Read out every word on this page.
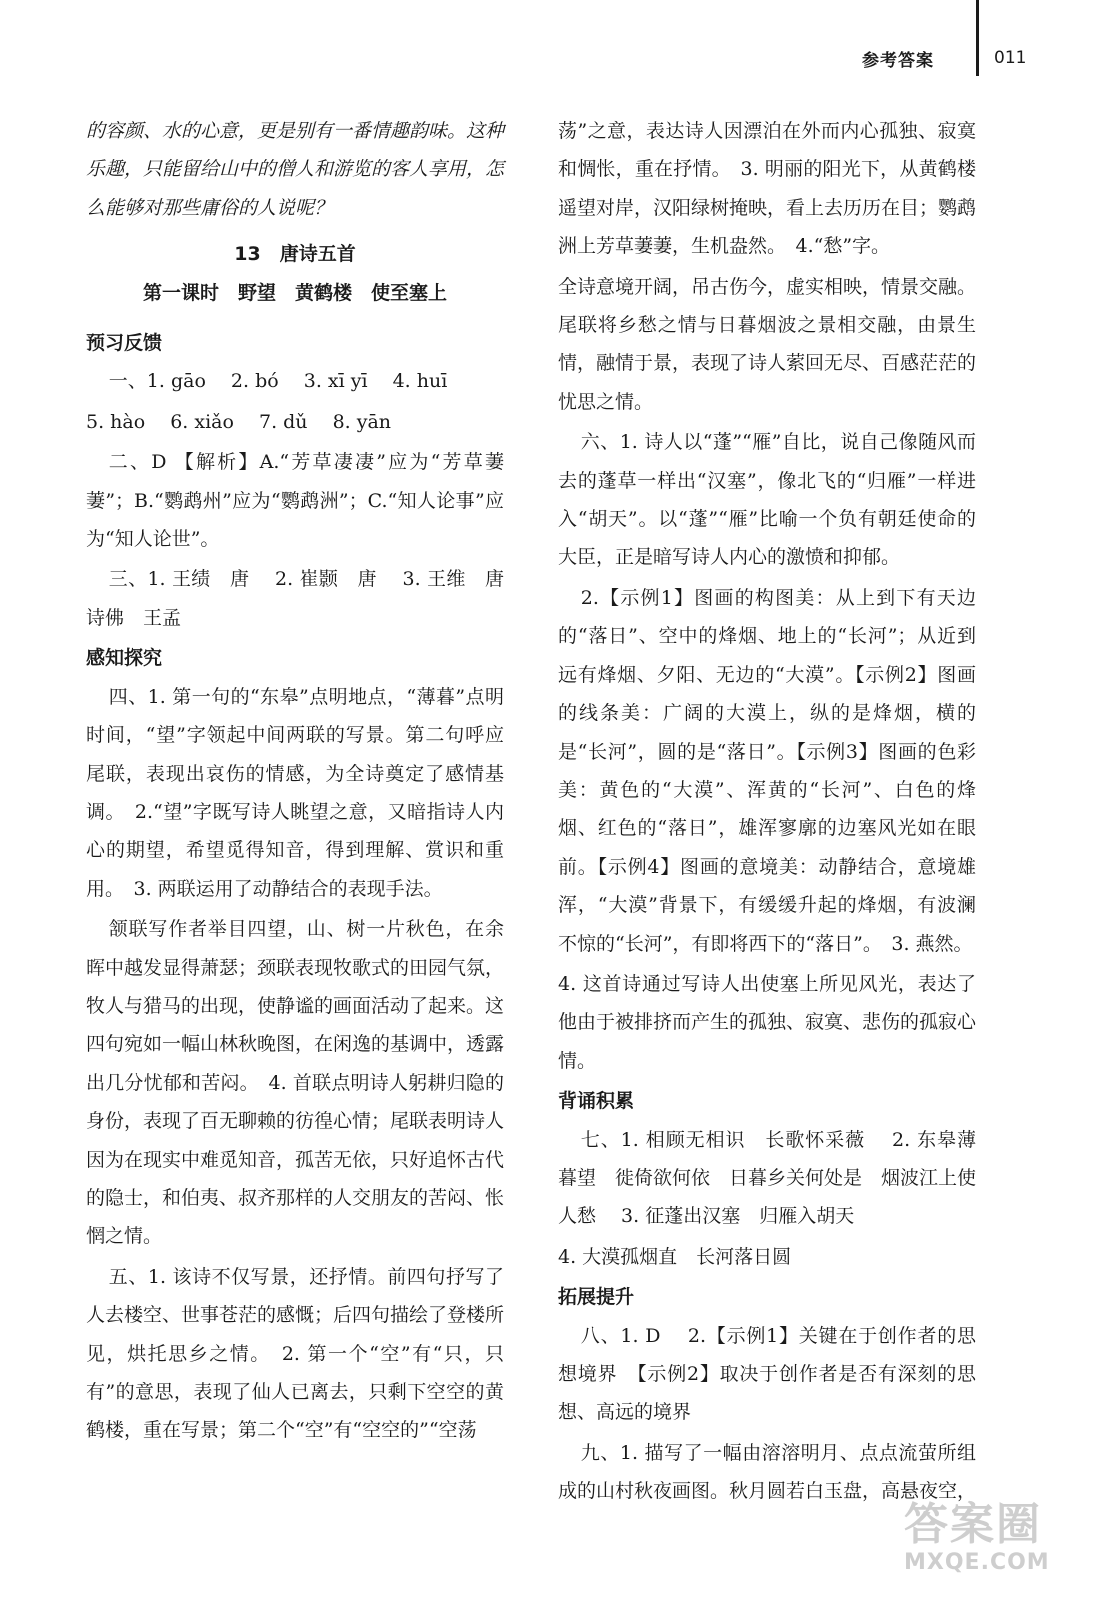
参考答案	011

的容颜、水的心意，更是别有一番情趣韵味。这种乐趣，只能留给山中的僧人和游览的客人享用，怎么能够对那些庸俗的人说呢？

13　唐诗五首

第一课时　野望　黄鹤楼　使至塞上

预习反馈

一、1. gāo　 2. bó　 3. xī yī　 4. huī

5. hào　 6. xiǎo　 7. dǔ　 8. yān

二、D 【解析】A.“芳草凄凄”应为“芳草萋萋”；B.“鹦鹉州”应为“鹦鹉洲”；C.“知人论事”应为“知人论世”。

三、1. 王绩　唐　 2. 崔颢　唐　 3. 王维　唐　诗佛　王孟

感知探究

四、1. 第一句的“东皋”点明地点，“薄暮”点明时间，“望”字领起中间两联的写景。第二句呼应尾联，表现出哀伤的情感，为全诗奠定了感情基调。　2.“望”字既写诗人眺望之意，又暗指诗人内心的期望，希望觅得知音，得到理解、赏识和重用。　3. 两联运用了动静结合的表现手法。

颔联写作者举目四望，山、树一片秋色，在余晖中越发显得萧瑟；颈联表现牧歌式的田园气氛，牧人与猎马的出现，使静谧的画面活动了起来。这四句宛如一幅山林秋晚图，在闲逸的基调中，透露出几分忧郁和苦闷。　4. 首联点明诗人躬耕归隐的身份，表现了百无聊赖的彷徨心情；尾联表明诗人因为在现实中难觅知音，孤苦无依，只好追怀古代的隐士，和伯夷、叔齐那样的人交朋友的苦闷、怅惘之情。

五、1. 该诗不仅写景，还抒情。前四句抒写了人去楼空、世事苍茫的感慨；后四句描绘了登楼所见，烘托思乡之情。　2. 第一个“空”有“只，只有”的意思，表现了仙人已离去，只剩下空空的黄鹤楼，重在写景；第二个“空”有“空空的”“空荡

荡”之意，表达诗人因漂泊在外而内心孤独、寂寞和惆怅，重在抒情。　3. 明丽的阳光下，从黄鹤楼遥望对岸，汉阳绿树掩映，看上去历历在目；鹦鹉洲上芳草萋萋，生机盎然。　4.“愁”字。

全诗意境开阔，吊古伤今，虚实相映，情景交融。尾联将乡愁之情与日暮烟波之景相交融，由景生情，融情于景，表现了诗人萦回无尽、百感茫茫的忧思之情。

六、1. 诗人以“蓬”“雁”自比，说自己像随风而去的蓬草一样出“汉塞”，像北飞的“归雁”一样进入“胡天”。以“蓬”“雁”比喻一个负有朝廷使命的大臣，正是暗写诗人内心的激愤和抑郁。

2.【示例1】图画的构图美：从上到下有天边的“落日”、空中的烽烟、地上的“长河”；从近到远有烽烟、夕阳、无边的“大漠”。【示例2】图画的线条美：广阔的大漠上，纵的是烽烟，横的是“长河”，圆的是“落日”。【示例3】图画的色彩美：黄色的“大漠”、浑黄的“长河”、白色的烽烟、红色的“落日”，雄浑寥廓的边塞风光如在眼前。【示例4】图画的意境美：动静结合，意境雄浑，“大漠”背景下，有缓缓升起的烽烟，有波澜不惊的“长河”，有即将西下的“落日”。　3. 燕然。

4. 这首诗通过写诗人出使塞上所见风光，表达了他由于被排挤而产生的孤独、寂寞、悲伤的孤寂心情。

背诵积累

七、1. 相顾无相识　长歌怀采薇　 2. 东皋薄暮望　徙倚欲何依　日暮乡关何处是　烟波江上使人愁　 3. 征蓬出汉塞　归雁入胡天

4. 大漠孤烟直　长河落日圆

拓展提升

八、1. D　 2.【示例1】关键在于创作者的思想境界　【示例2】取决于创作者是否有深刻的思想、高远的境界

九、1. 描写了一幅由溶溶明月、点点流萤所组成的山村秋夜画图。秋月圆若白玉盘，高悬夜空，

答案圈
MXQE.COM
